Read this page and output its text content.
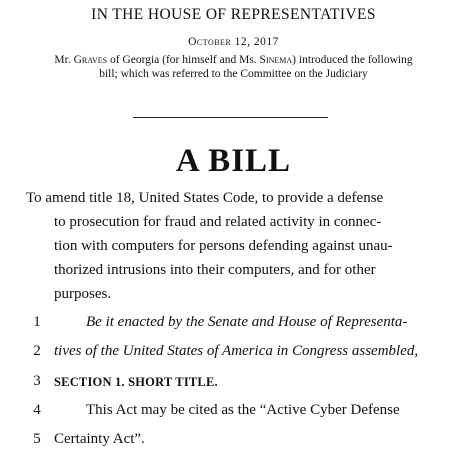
IN THE HOUSE OF REPRESENTATIVES
October 12, 2017
Mr. Graves of Georgia (for himself and Ms. Sinema) introduced the following
bill; which was referred to the Committee on the Judiciary
A BILL
To amend title 18, United States Code, to provide a defense
to prosecution for fraud and related activity in connec-
tion with computers for persons defending against unau-
thorized intrusions into their computers, and for other
purposes.
1	Be it enacted by the Senate and House of Representa-
2 tives of the United States of America in Congress assembled,
3 SECTION 1. SHORT TITLE.
4	This Act may be cited as the “Active Cyber Defense
5 Certainty Act”.
